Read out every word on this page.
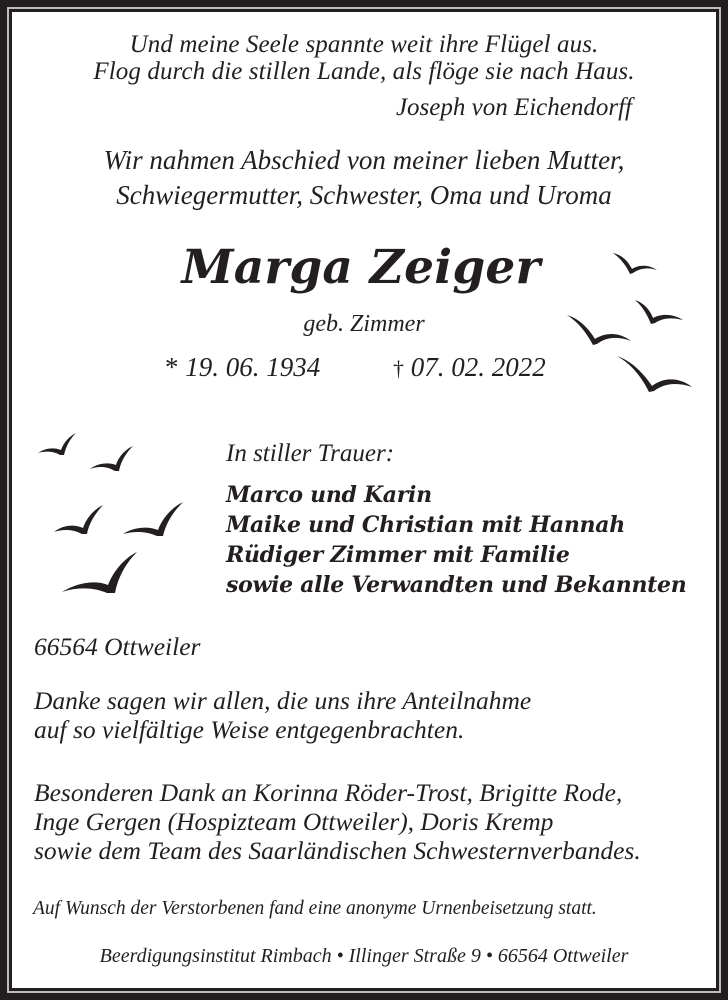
Und meine Seele spannte weit ihre Flügel aus.
Flog durch die stillen Lande, als flöge sie nach Haus.
Joseph von Eichendorff
Wir nahmen Abschied von meiner lieben Mutter,
Schwiegermutter, Schwester, Oma und Uroma
Marga Zeiger
geb. Zimmer
* 19. 06. 1934	† 07. 02. 2022
In stiller Trauer:
Marco und Karin
Maike und Christian mit Hannah
Rüdiger Zimmer mit Familie
sowie alle Verwandten und Bekannten
66564 Ottweiler
Danke sagen wir allen, die uns ihre Anteilnahme
auf so vielfältige Weise entgegenbrachten.
Besonderen Dank an Korinna Röder-Trost, Brigitte Rode,
Inge Gergen (Hospizteam Ottweiler), Doris Kremp
sowie dem Team des Saarländischen Schwesternverbandes.
Auf Wunsch der Verstorbenen fand eine anonyme Urnenbeisetzung statt.
Beerdigungsinstitut Rimbach • Illinger Straße 9 • 66564 Ottweiler
